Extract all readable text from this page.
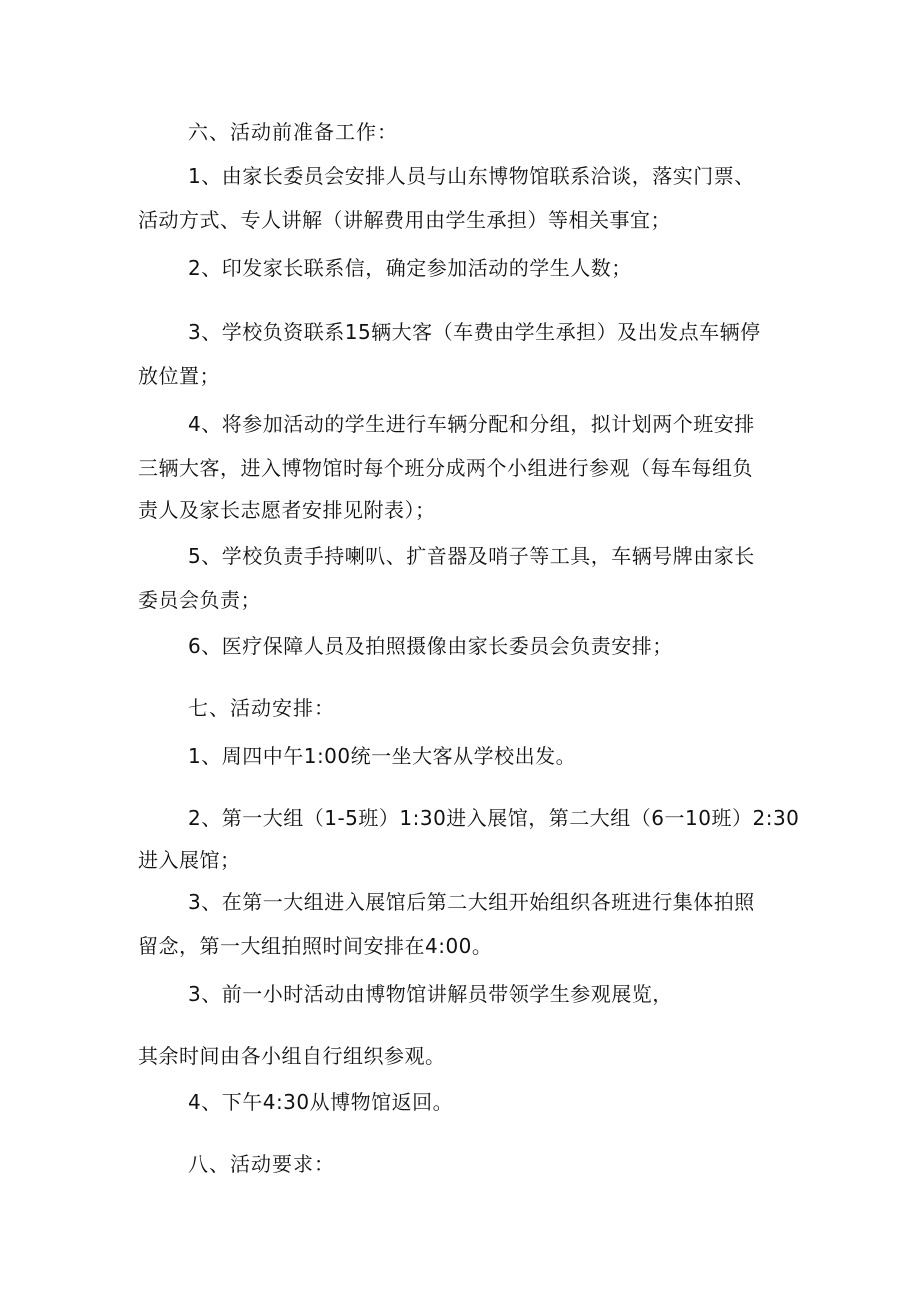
六、活动前准备工作：
1、由家长委员会安排人员与山东博物馆联系洽谈，落实门票、
活动方式、专人讲解（讲解费用由学生承担）等相关事宜；
2、印发家长联系信，确定参加活动的学生人数；
3、学校负资联系15辆大客（车费由学生承担）及出发点车辆停
放位置；
4、将参加活动的学生进行车辆分配和分组，拟计划两个班安排
三辆大客，进入博物馆时每个班分成两个小组进行参观（每车每组负
责人及家长志愿者安排见附表）；
5、学校负责手持喇叭、扩音器及哨子等工具，车辆号牌由家长
委员会负责；
6、医疗保障人员及拍照摄像由家长委员会负责安排；
七、活动安排：
1、周四中午1:00统一坐大客从学校出发。
2、第一大组（1-5班）1:30进入展馆，第二大组（6一10班）2:30
进入展馆；
3、在第一大组进入展馆后第二大组开始组织各班进行集体拍照
留念，第一大组拍照时间安排在4:00。
3、前一小时活动由博物馆讲解员带领学生参观展览，
其余时间由各小组自行组织参观。
4、下午4:30从博物馆返回。
八、活动要求：
